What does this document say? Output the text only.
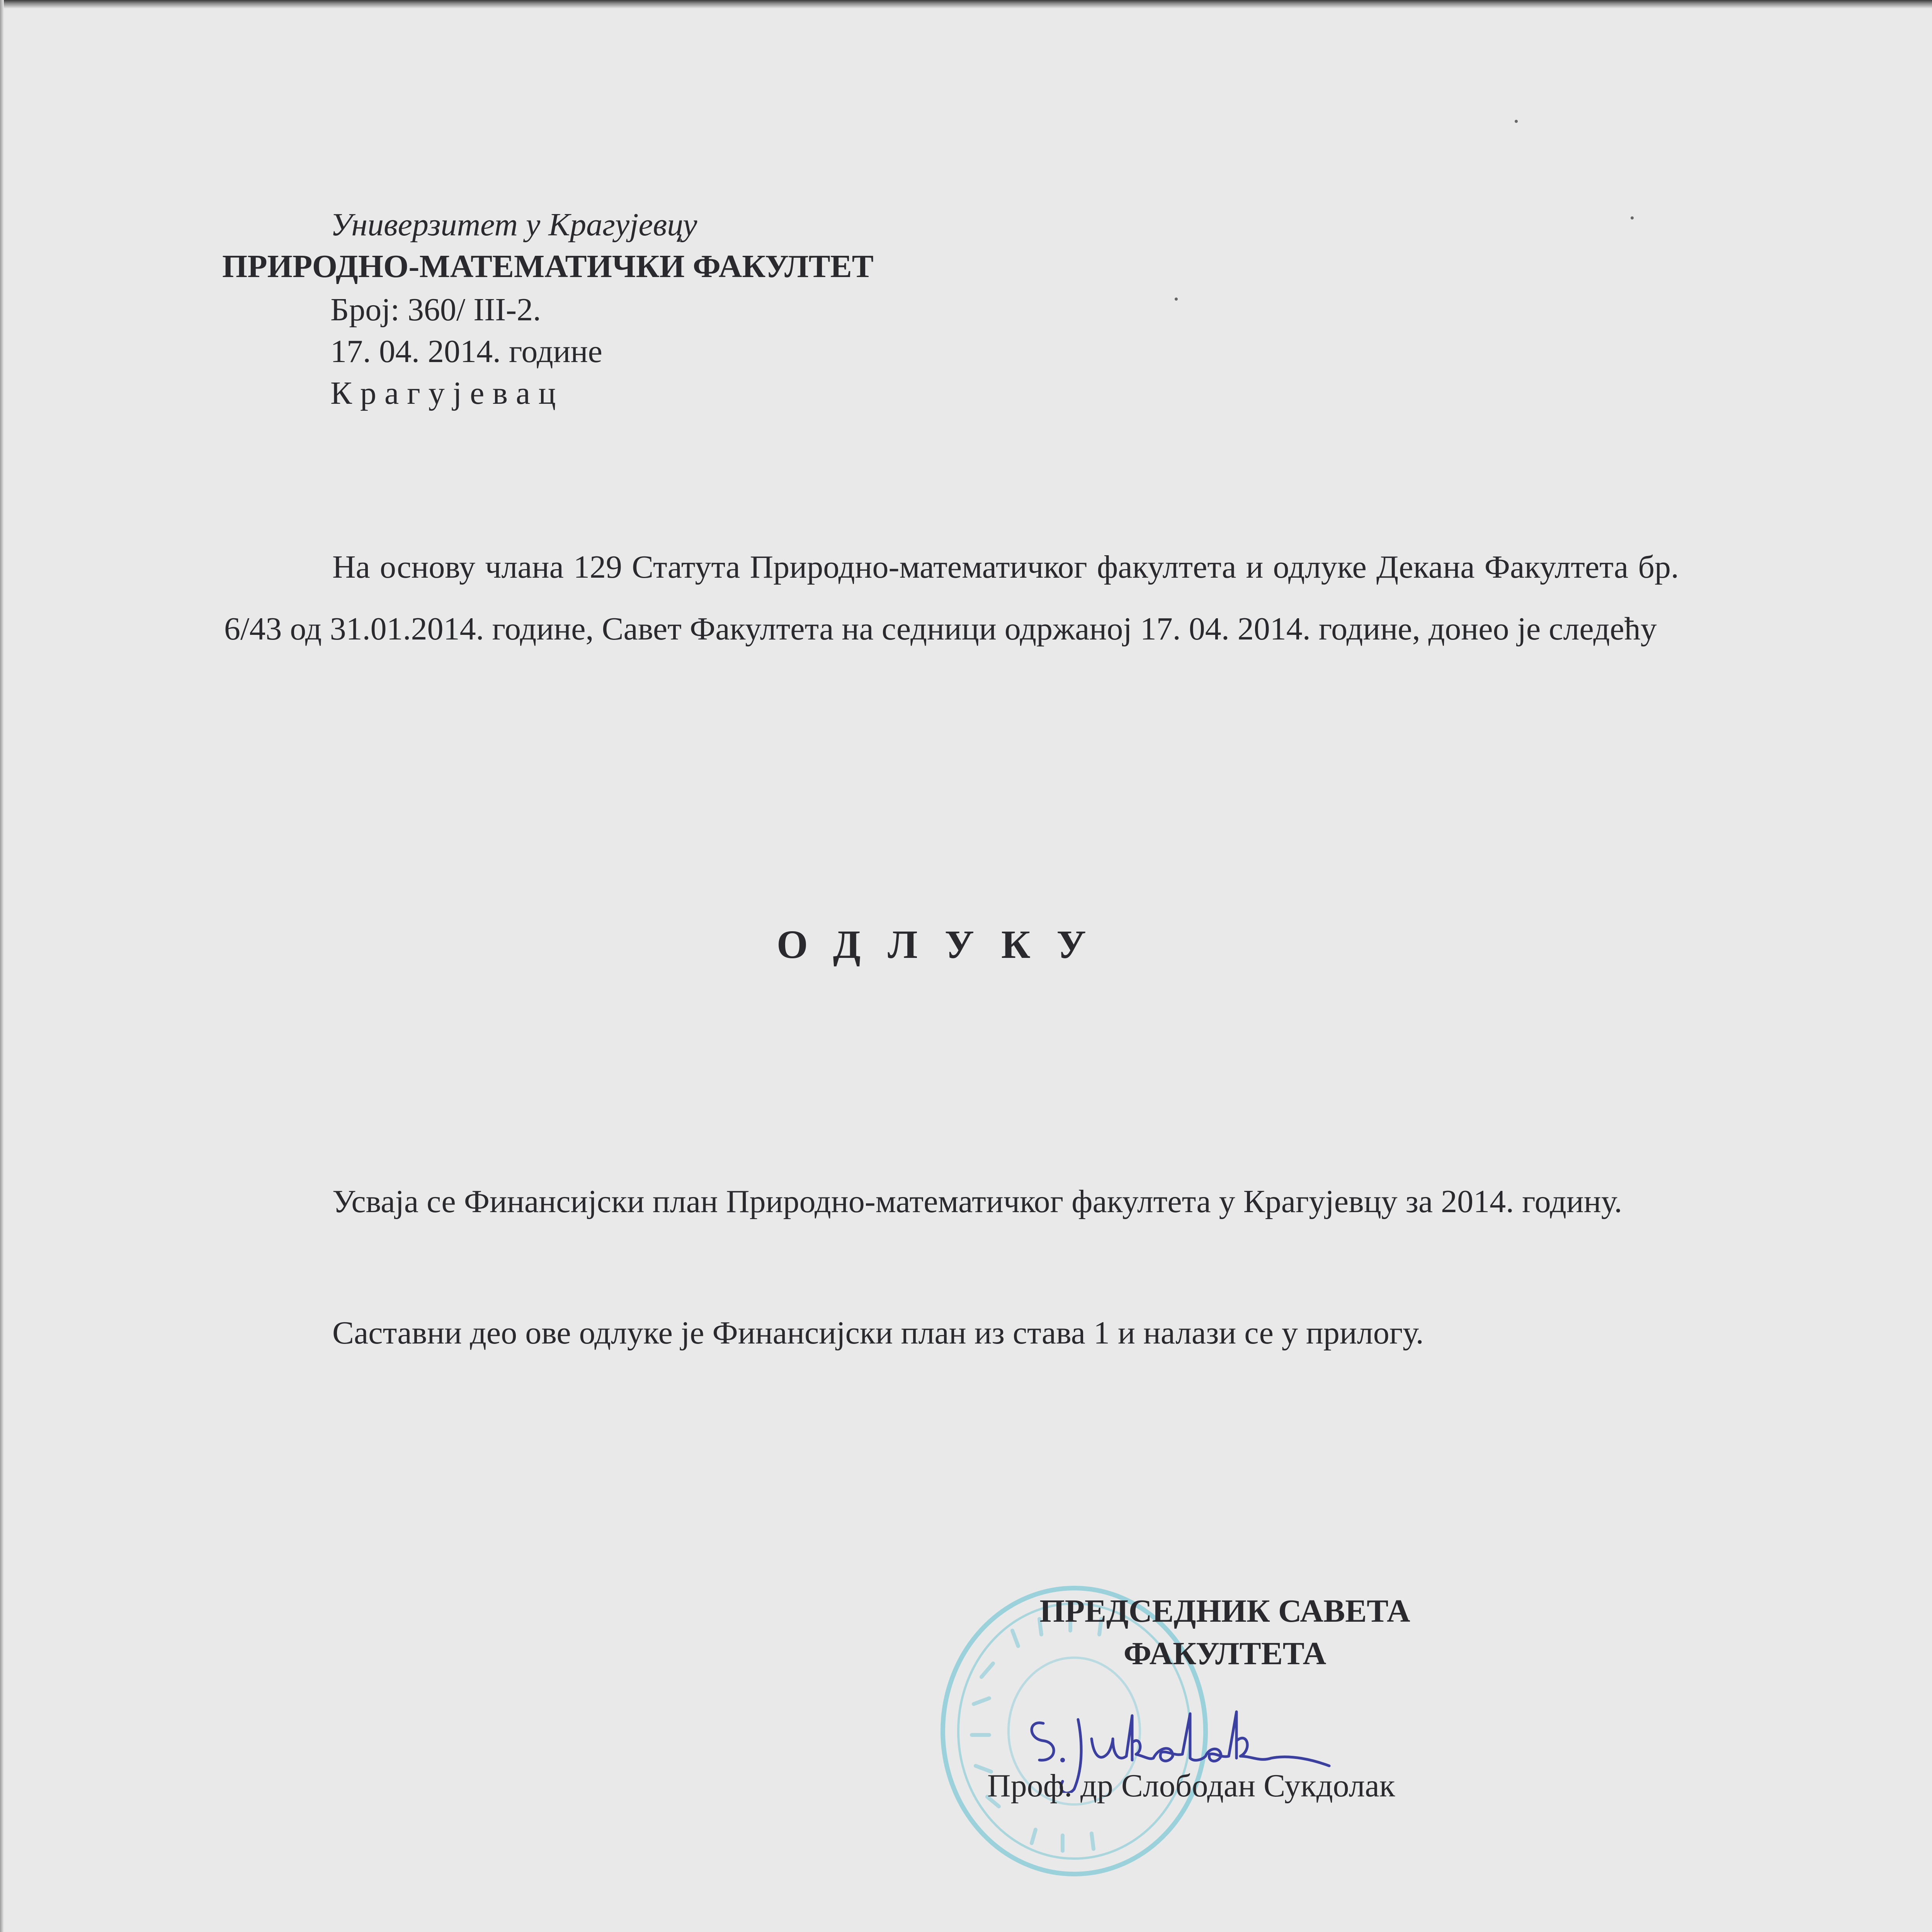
Универзитет у Крагујевцу
ПРИРОДНО-МАТЕМАТИЧКИ ФАКУЛТЕТ
Број: 360/ III-2.
17. 04. 2014. године
К р а г у ј е в а ц
На основу члана 129 Статута Природно-математичког факултета и одлуке Декана Факултета бр. 6/43 од 31.01.2014. године, Савет Факултета на седници одржаној 17. 04. 2014. године, донео је следећу
ОДЛУКУ
Усваја се Финансијски план Природно-математичког факултета у Крагујевцу за 2014. годину.
Саставни део ове одлуке је Финансијски план из става 1 и налази се у прилогу.
ПРЕДСЕДНИК САВЕТА
ФАКУЛТЕТА
Проф. др Слободан Сукдолак
